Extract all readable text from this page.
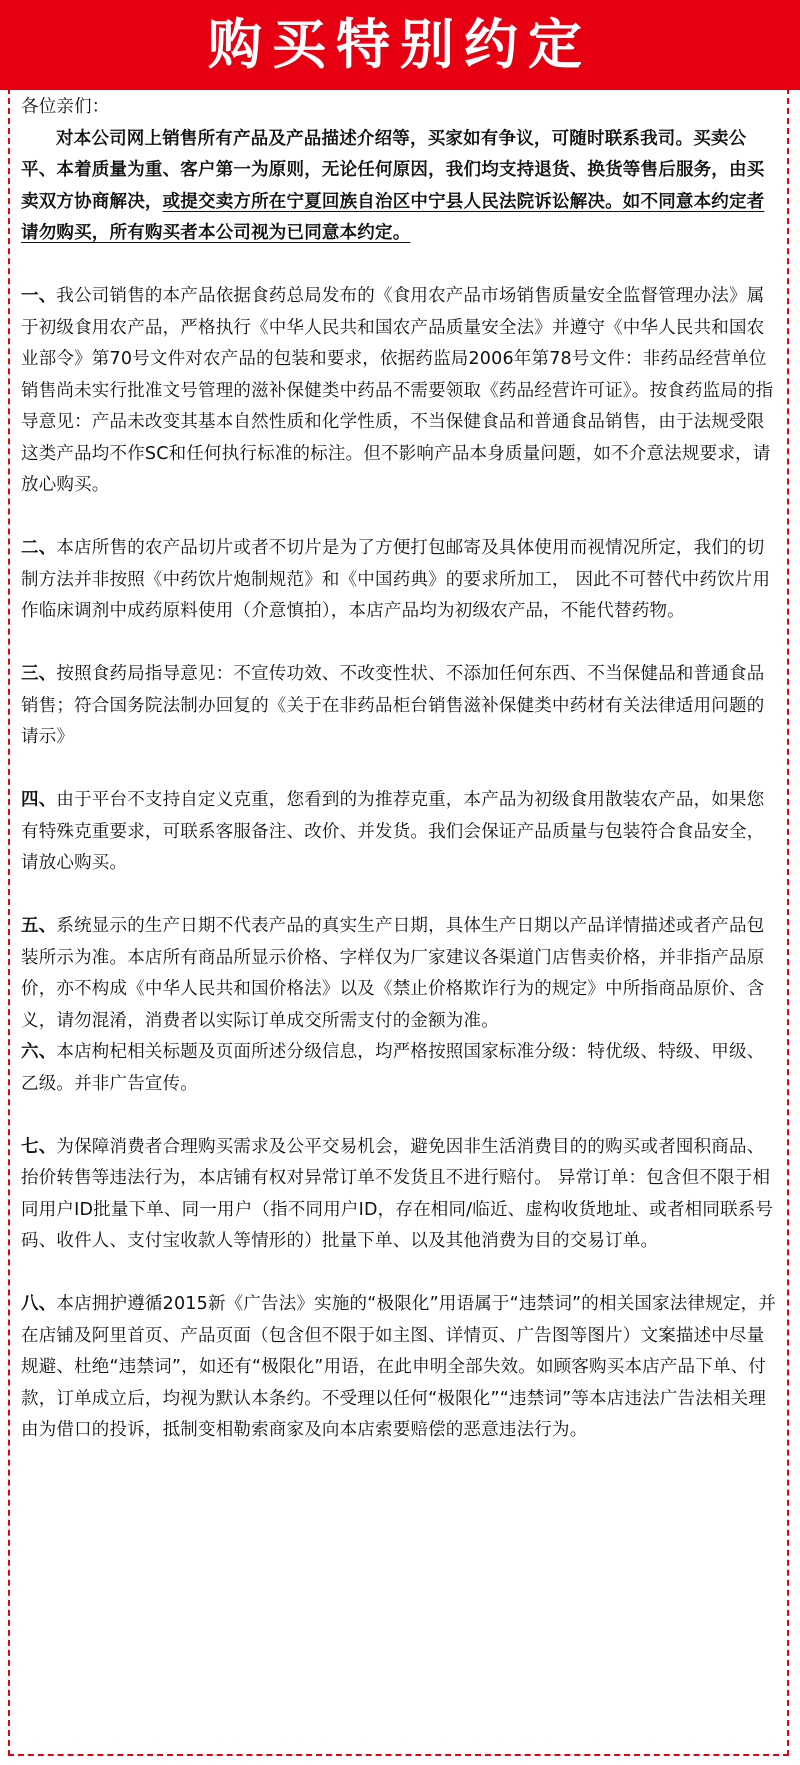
购买特别约定

各位亲们：

对本公司网上销售所有产品及产品描述介绍等，买家如有争议，可随时联系我司。买卖公平、本着质量为重、客户第一为原则，无论任何原因，我们均支持退货、换货等售后服务，由买卖双方协商解决，或提交卖方所在宁夏回族自治区中宁县人民法院诉讼解决。如不同意本约定者请勿购买，所有购买者本公司视为已同意本约定。

一、我公司销售的本产品依据食药总局发布的《食用农产品市场销售质量安全监督管理办法》属于初级食用农产品，严格执行《中华人民共和国农产品质量安全法》并遵守《中华人民共和国农业部令》第70号文件对农产品的包装和要求，依据药监局2006年第78号文件：非药品经营单位销售尚未实行批准文号管理的滋补保健类中药品不需要领取《药品经营许可证》。按食药监局的指导意见：产品未改变其基本自然性质和化学性质，不当保健食品和普通食品销售，由于法规受限这类产品均不作SC和任何执行标准的标注。但不影响产品本身质量问题，如不介意法规要求，请放心购买。

二、本店所售的农产品切片或者不切片是为了方便打包邮寄及具体使用而视情况所定，我们的切制方法并非按照《中药饮片炮制规范》和《中国药典》的要求所加工， 因此不可替代中药饮片用作临床调剂中成药原料使用（介意慎拍），本店产品均为初级农产品，不能代替药物。

三、按照食药局指导意见：不宣传功效、不改变性状、不添加任何东西、不当保健品和普通食品销售；符合国务院法制办回复的《关于在非药品柜台销售滋补保健类中药材有关法律适用问题的请示》

四、由于平台不支持自定义克重，您看到的为推荐克重，本产品为初级食用散装农产品，如果您有特殊克重要求，可联系客服备注、改价、并发货。我们会保证产品质量与包装符合食品安全，请放心购买。

五、系统显示的生产日期不代表产品的真实生产日期，具体生产日期以产品详情描述或者产品包装所示为准。本店所有商品所显示价格、字样仅为厂家建议各渠道门店售卖价格，并非指产品原价，亦不构成《中华人民共和国价格法》以及《禁止价格欺诈行为的规定》中所指商品原价、含义，请勿混淆，消费者以实际订单成交所需支付的金额为准。

六、本店枸杞相关标题及页面所述分级信息，均严格按照国家标准分级：特优级、特级、甲级、乙级。并非广告宣传。

七、为保障消费者合理购买需求及公平交易机会，避免因非生活消费目的的购买或者囤积商品、抬价转售等违法行为，本店铺有权对异常订单不发货且不进行赔付。 异常订单：包含但不限于相同用户ID批量下单、同一用户（指不同用户ID，存在相同/临近、虚构收货地址、或者相同联系号码、收件人、支付宝收款人等情形的）批量下单、以及其他消费为目的交易订单。

八、本店拥护遵循2015新《广告法》实施的“极限化”用语属于“违禁词”的相关国家法律规定，并在店铺及阿里首页、产品页面（包含但不限于如主图、详情页、广告图等图片）文案描述中尽量规避、杜绝“违禁词”，如还有“极限化”用语，在此申明全部失效。如顾客购买本店产品下单、付款，订单成立后，均视为默认本条约。不受理以任何“极限化”“违禁词”等本店违法广告法相关理由为借口的投诉，抵制变相勒索商家及向本店索要赔偿的恶意违法行为。
